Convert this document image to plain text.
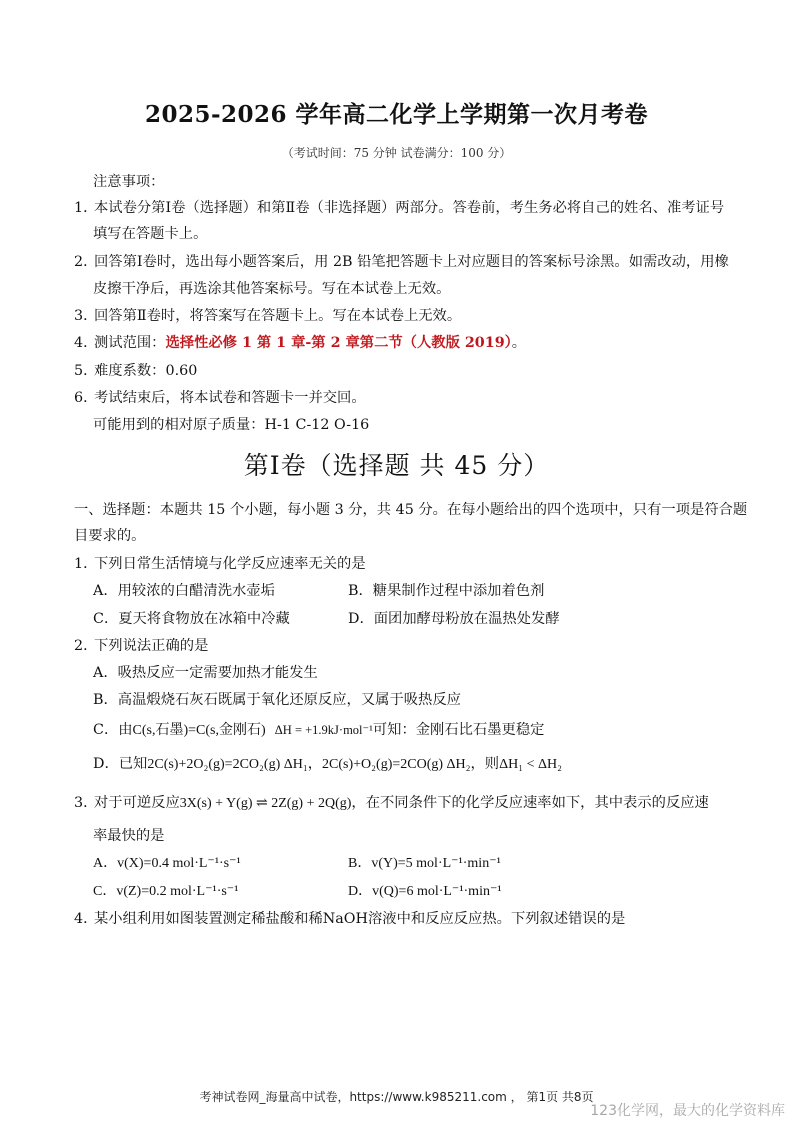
2025-2026 学年高二化学上学期第一次月考卷
（考试时间：75 分钟 试卷满分：100 分）
注意事项：
1．本试卷分第Ⅰ卷（选择题）和第Ⅱ卷（非选择题）两部分。答卷前，考生务必将自己的姓名、准考证号
填写在答题卡上。
2．回答第Ⅰ卷时，选出每小题答案后，用 2B 铅笔把答题卡上对应题目的答案标号涂黑。如需改动，用橡
皮擦干净后，再选涂其他答案标号。写在本试卷上无效。
3．回答第Ⅱ卷时，将答案写在答题卡上。写在本试卷上无效。
4．测试范围：选择性必修 1 第 1 章-第 2 章第二节（人教版 2019）。
5．难度系数：0.60
6．考试结束后，将本试卷和答题卡一并交回。
可能用到的相对原子质量：H-1 C-12 O-16
第Ⅰ卷（选择题 共 45 分）
一、选择题：本题共 15 个小题，每小题 3 分，共 45 分。在每小题给出的四个选项中，只有一项是符合题
目要求的。
1．下列日常生活情境与化学反应速率无关的是
A．用较浓的白醋清洗水壶垢	B．糖果制作过程中添加着色剂
C．夏天将食物放在冰箱中冷藏	D．面团加酵母粉放在温热处发酵
2．下列说法正确的是
A．吸热反应一定需要加热才能发生
B．高温煅烧石灰石既属于氧化还原反应，又属于吸热反应
C．由C(s,石墨)=C(s,金刚石) ΔH = +1.9kJ·mol⁻¹可知：金刚石比石墨更稳定
D．已知2C(s)+2O₂(g)=2CO₂(g) ΔH₁，2C(s)+O₂(g)=2CO(g) ΔH₂，则ΔH₁ < ΔH₂
3．对于可逆反应3X(s) + Y(g) ⇌ 2Z(g) + 2Q(g)，在不同条件下的化学反应速率如下，其中表示的反应速
率最快的是
A．v(X)=0.4 mol·L⁻¹·s⁻¹	B．v(Y)=5 mol·L⁻¹·min⁻¹
C．v(Z)=0.2 mol·L⁻¹·s⁻¹	D．v(Q)=6 mol·L⁻¹·min⁻¹
4．某小组利用如图装置测定稀盐酸和稀NaOH溶液中和反应反应热。下列叙述错误的是
考神试卷网_海量高中试卷，https://www.k985211.com ， 第1页 共8页
123化学网，最大的化学资料库
